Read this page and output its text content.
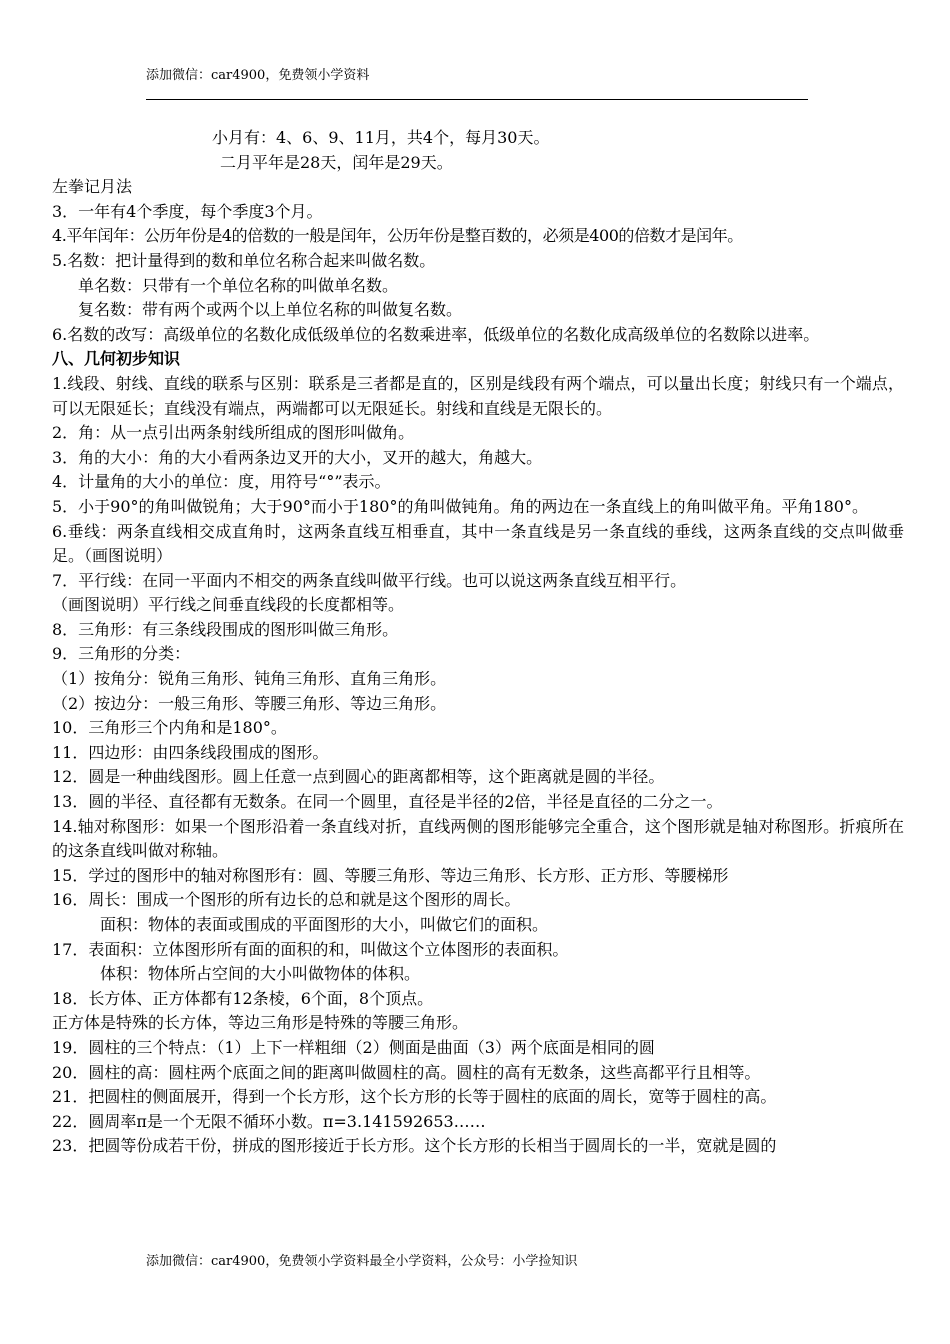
添加微信：car4900，免费领小学资料
小月有：4、6、9、11月，共4个，每月30天。
二月平年是28天，闰年是29天。
左拳记月法
3．一年有4个季度，每个季度3个月。
4.平年闰年：公历年份是4的倍数的一般是闰年，公历年份是整百数的，必须是400的倍数才是闰年。
5.名数：把计量得到的数和单位名称合起来叫做名数。
单名数：只带有一个单位名称的叫做单名数。
复名数：带有两个或两个以上单位名称的叫做复名数。
6.名数的改写：高级单位的名数化成低级单位的名数乘进率，低级单位的名数化成高级单位的名数除以进率。
八、几何初步知识
1.线段、射线、直线的联系与区别：联系是三者都是直的，区别是线段有两个端点，可以量出长度；射线只有一个端点，可以无限延长；直线没有端点，两端都可以无限延长。射线和直线是无限长的。
2．角：从一点引出两条射线所组成的图形叫做角。
3．角的大小：角的大小看两条边叉开的大小，叉开的越大，角越大。
4．计量角的大小的单位：度，用符号“°”表示。
5．小于90°的角叫做锐角；大于90°而小于180°的角叫做钝角。角的两边在一条直线上的角叫做平角。平角180°。
6.垂线：两条直线相交成直角时，这两条直线互相垂直，其中一条直线是另一条直线的垂线，这两条直线的交点叫做垂足。（画图说明）
7．平行线：在同一平面内不相交的两条直线叫做平行线。也可以说这两条直线互相平行。
（画图说明）平行线之间垂直线段的长度都相等。
8．三角形：有三条线段围成的图形叫做三角形。
9．三角形的分类：
（1）按角分：锐角三角形、钝角三角形、直角三角形。
（2）按边分：一般三角形、等腰三角形、等边三角形。
10．三角形三个内角和是180°。
11．四边形：由四条线段围成的图形。
12．圆是一种曲线图形。圆上任意一点到圆心的距离都相等，这个距离就是圆的半径。
13．圆的半径、直径都有无数条。在同一个圆里，直径是半径的2倍，半径是直径的二分之一。
14.轴对称图形：如果一个图形沿着一条直线对折，直线两侧的图形能够完全重合，这个图形就是轴对称图形。折痕所在的这条直线叫做对称轴。
15．学过的图形中的轴对称图形有：圆、等腰三角形、等边三角形、长方形、正方形、等腰梯形
16．周长：围成一个图形的所有边长的总和就是这个图形的周长。
面积：物体的表面或围成的平面图形的大小，叫做它们的面积。
17．表面积：立体图形所有面的面积的和，叫做这个立体图形的表面积。
体积：物体所占空间的大小叫做物体的体积。
18．长方体、正方体都有12条棱，6个面，8个顶点。
正方体是特殊的长方体，等边三角形是特殊的等腰三角形。
19．圆柱的三个特点：（1）上下一样粗细（2）侧面是曲面（3）两个底面是相同的圆
20．圆柱的高：圆柱两个底面之间的距离叫做圆柱的高。圆柱的高有无数条，这些高都平行且相等。
21．把圆柱的侧面展开，得到一个长方形，这个长方形的长等于圆柱的底面的周长，宽等于圆柱的高。
22．圆周率π是一个无限不循环小数。π=3.141592653……
23．把圆等份成若干份，拼成的图形接近于长方形。这个长方形的长相当于圆周长的一半，宽就是圆的
添加微信：car4900，免费领小学资料最全小学资料，公众号：小学捡知识
